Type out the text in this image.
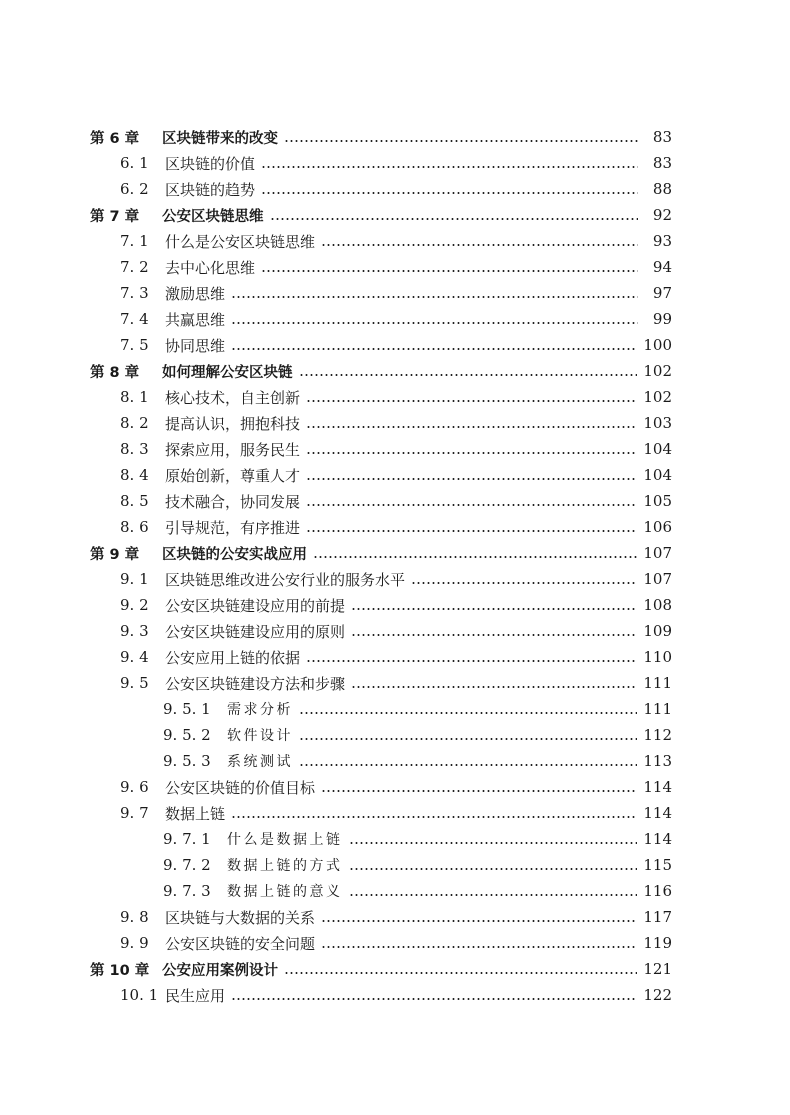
第 6 章	区块链带来的改变	83
6. 1	区块链的价值	83
6. 2	区块链的趋势	88
第 7 章	公安区块链思维	92
7. 1	什么是公安区块链思维	93
7. 2	去中心化思维	94
7. 3	激励思维	97
7. 4	共赢思维	99
7. 5	协同思维	100
第 8 章	如何理解公安区块链	102
8. 1	核心技术，自主创新	102
8. 2	提高认识，拥抱科技	103
8. 3	探索应用，服务民生	104
8. 4	原始创新，尊重人才	104
8. 5	技术融合，协同发展	105
8. 6	引导规范，有序推进	106
第 9 章	区块链的公安实战应用	107
9. 1	区块链思维改进公安行业的服务水平	107
9. 2	公安区块链建设应用的前提	108
9. 3	公安区块链建设应用的原则	109
9. 4	公安应用上链的依据	110
9. 5	公安区块链建设方法和步骤	111
9. 5. 1	需求分析	111
9. 5. 2	软件设计	112
9. 5. 3	系统测试	113
9. 6	公安区块链的价值目标	114
9. 7	数据上链	114
9. 7. 1	什么是数据上链	114
9. 7. 2	数据上链的方式	115
9. 7. 3	数据上链的意义	116
9. 8	区块链与大数据的关系	117
9. 9	公安区块链的安全问题	119
第 10 章 公安应用案例设计	121
10. 1 民生应用	122
